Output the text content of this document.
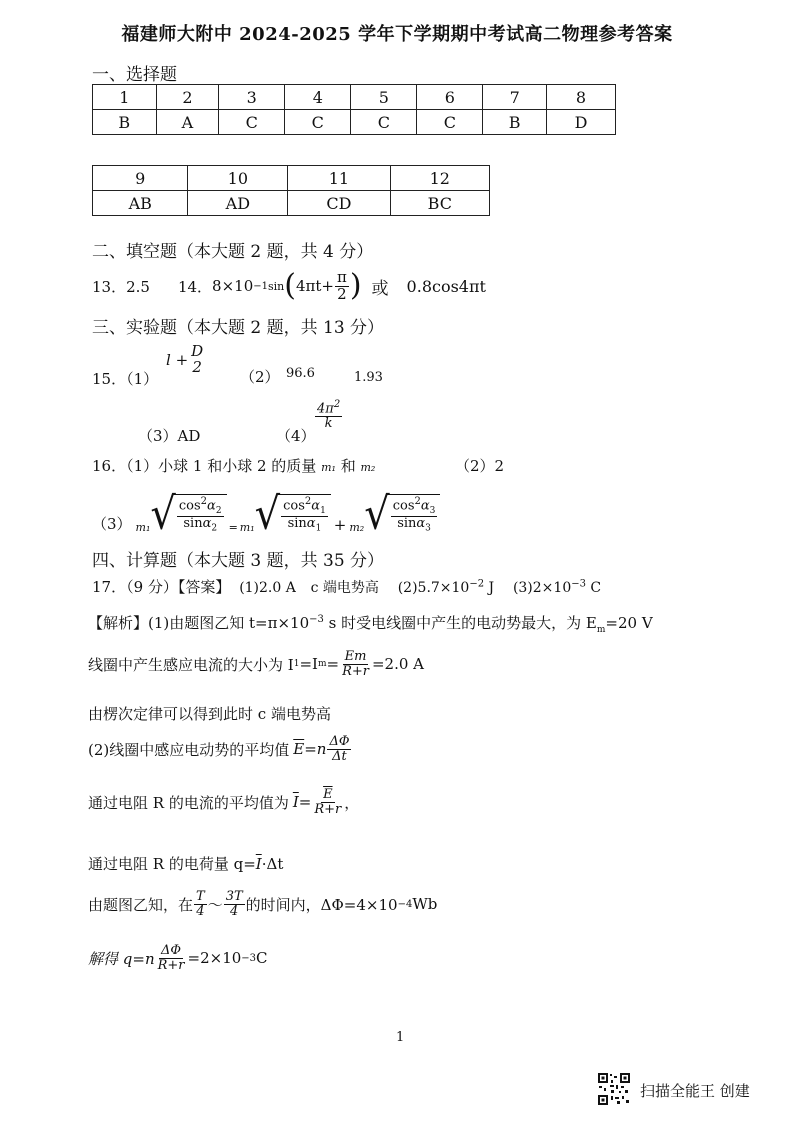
福建师大附中 2024-2025 学年下学期期中考试高二物理参考答案
一、选择题
1	2	3	4	5	6	7	8
B	A	C	C	C	C	B	D
9	10	11	12
AB	AD	CD	BC
二、填空题（本大题 2 题，共 4 分）
13．2.5 14． 8×10 −1 sin ( $4\pi t+ \frac{\pi}{2}$ ) 或 0.8cos4πt
三、实验题（本大题 2 题，共 13 分）
15．（1）
l + D
2
（2） 96.6	1.93
（3）AD	（4）
$\frac{4\pi^2}{k}$
16．（1）小球 1 和小球 2 的质量 m₁ 和 m₂	（2）2
（3） m₁ √ $\frac{\cos^2\alpha_2}{\sin\alpha_2} = m_1$ √ $\frac{\cos^2\alpha_1}{\sin\alpha_1} + m_2$ √ $\frac{\cos^2\alpha_3}{\sin\alpha_3}$
四、计算题（本大题 3 题，共 35 分）
17．（9 分）【答案】 (1)2.0 A c 端电势高 $(2)5.7\times 10^{-2}$ J $(3)2\times 10^{-3}$ C
【解析】(1)由题图乙知 $t=\pi\times 10^{-3}$ s 时受电线圈中产生的电动势最大，为 $E_m=20$ V
线圈中产生感应电流的大小为 I 1 =I $m = \frac{Em}{R+r} =2.0$ A
由楞次定律可以得到此时 c 端电势高
(2)线圈中感应电动势的平均值 $\overline{E} =n \frac{\Delta\Phi}{\Delta t}$
通过电阻 R 的电流的平均值为 $\overline{I} = \frac{\overline{E}}{R+r}$ ，
通过电阻 R 的电荷量 $q=\overline{I}\cdot\Delta t$
由题图乙知，在 $\frac{T}{4}$ ～ $\frac{3T}{4}$ 的时间内，ΔΦ=4×10 −4 Wb
解得 $q=n \frac{\Delta\Phi}{R+r} =2\times 10 -3$ C
1
扫描全能王 创建
